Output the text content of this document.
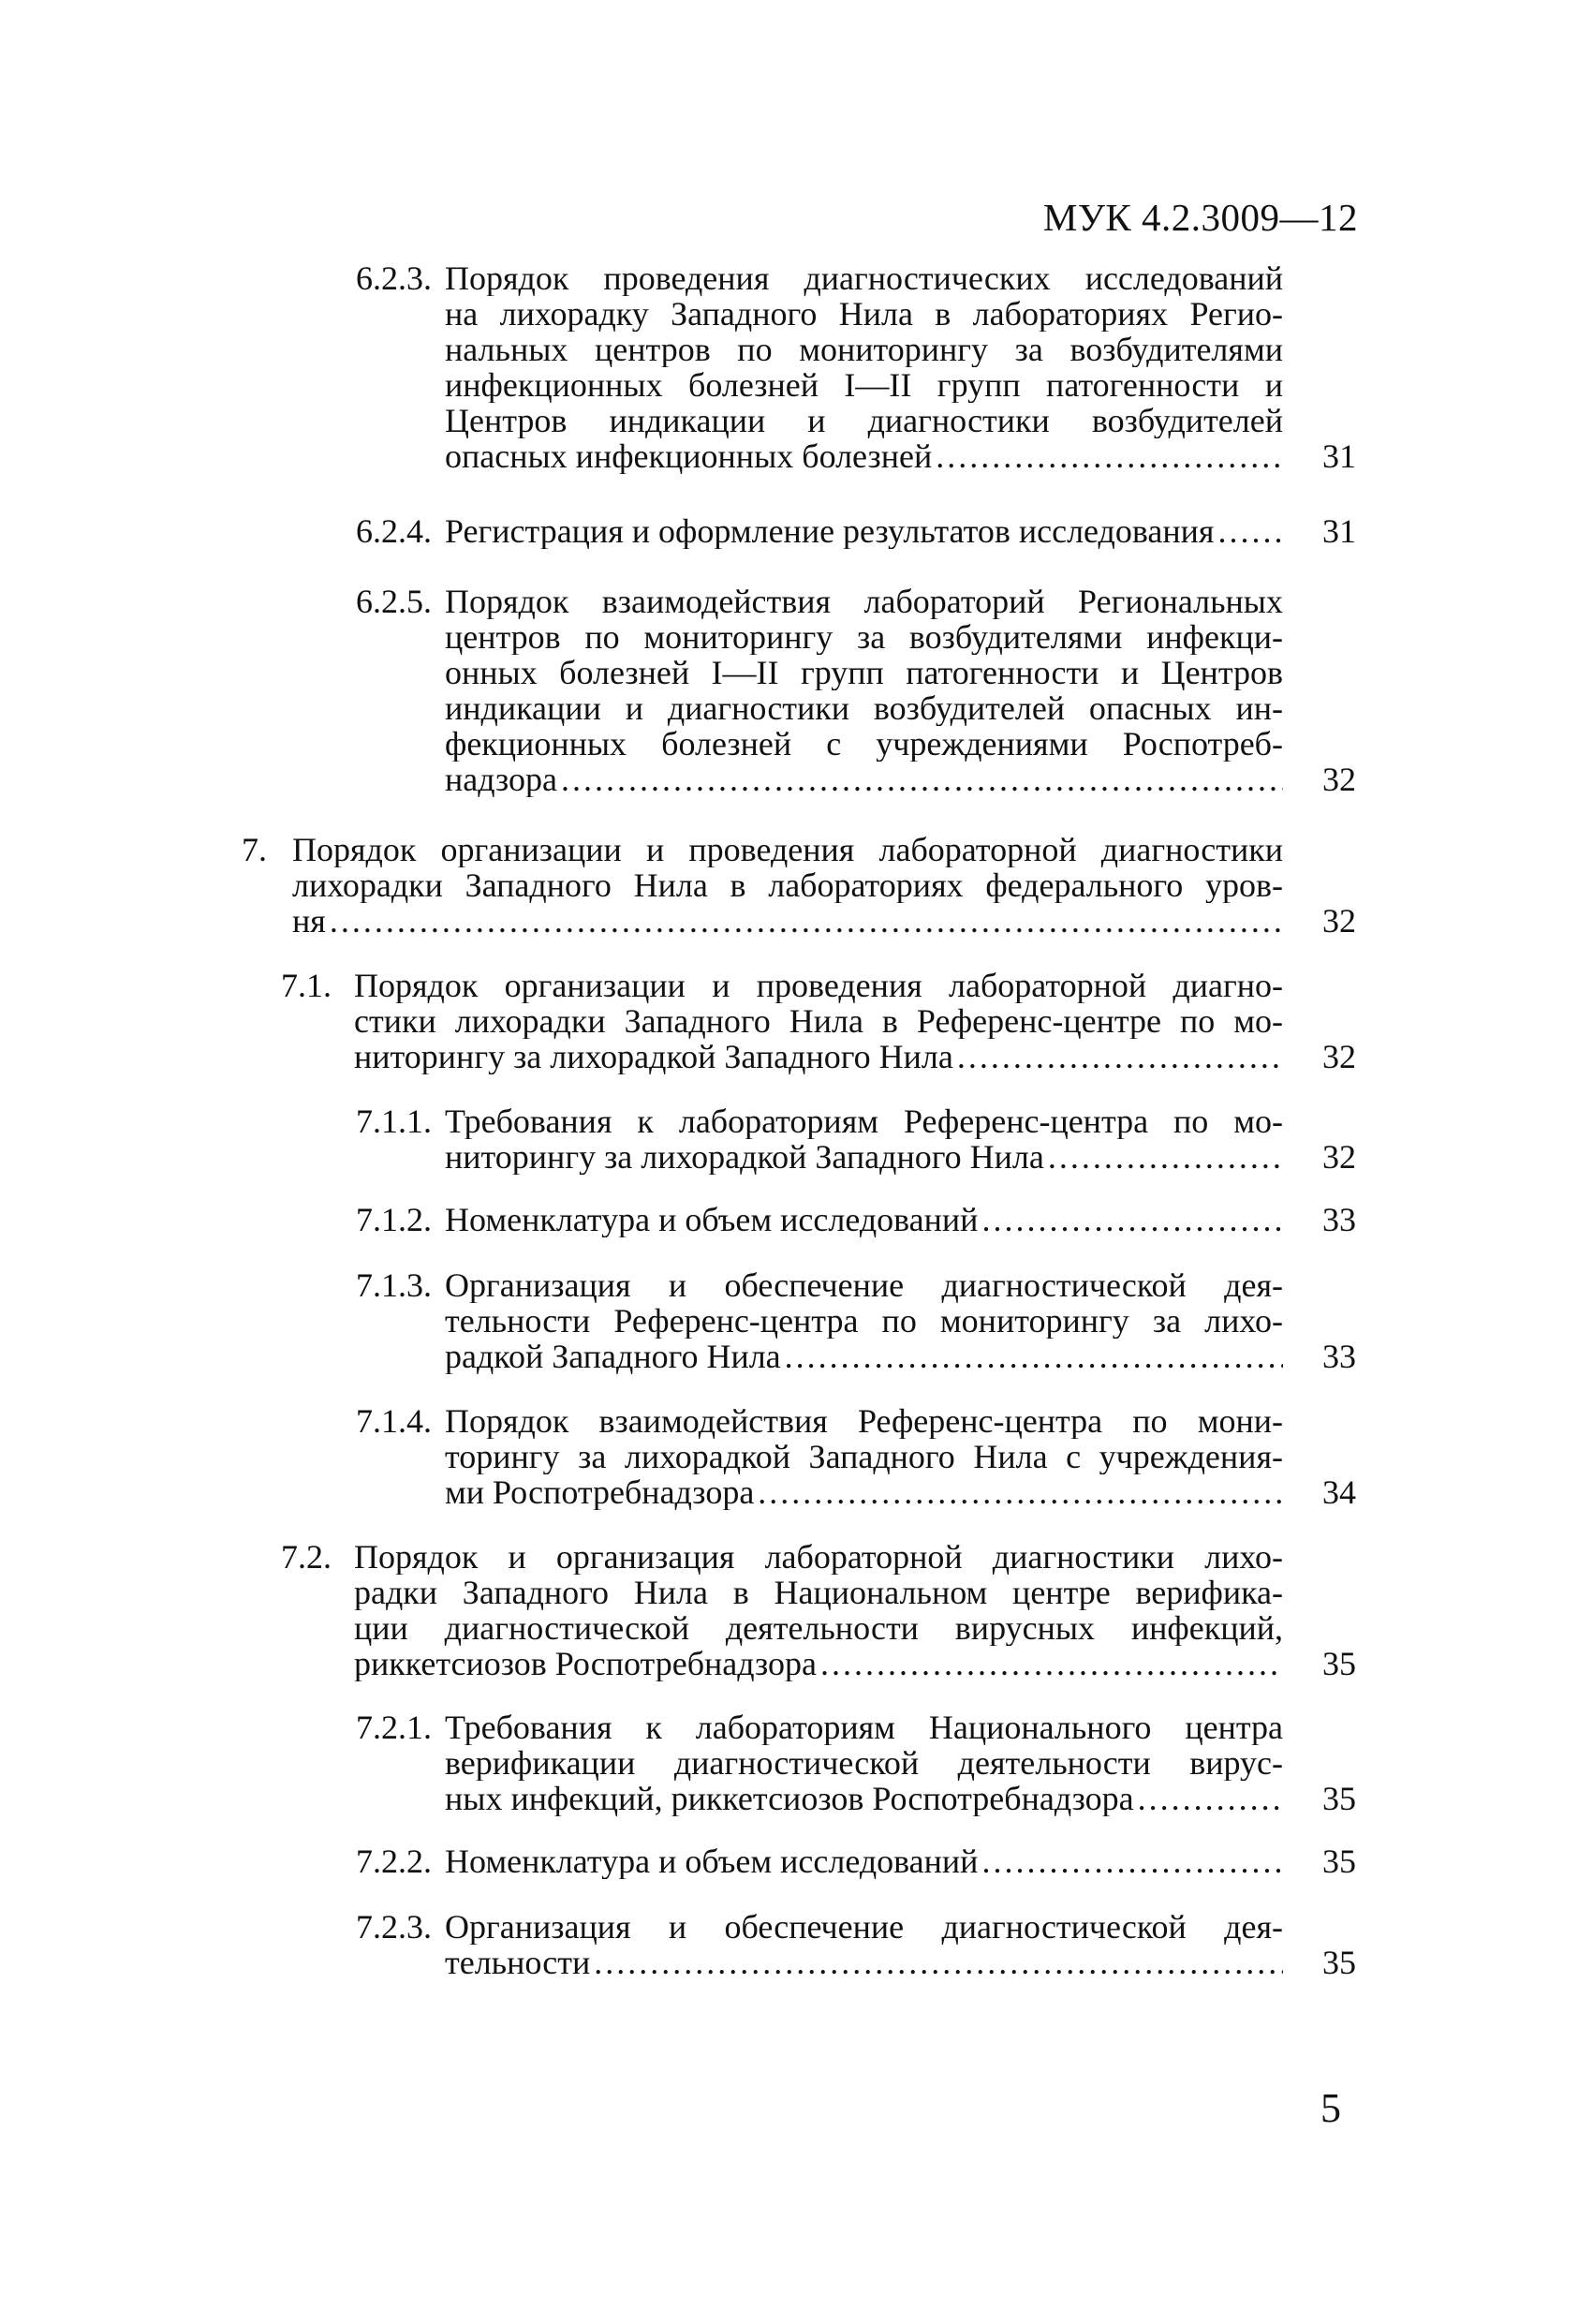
МУК 4.2.3009—12
6.2.3. Порядок проведения диагностических исследований
на лихорадку Западного Нила в лабораториях Регио-
нальных центров по мониторингу за возбудителями
инфекционных болезней I—II групп патогенности и
Центров индикации и диагностики возбудителей
опасных инфекционных болезней .....	31
6.2.4. Регистрация и оформление результатов исследования .....	31
6.2.5. Порядок взаимодействия лабораторий Региональных
центров по мониторингу за возбудителями инфекци-
онных болезней I—II групп патогенности и Центров
индикации и диагностики возбудителей опасных ин-
фекционных болезней с учреждениями Роспотреб-
надзора .....	32
7. Порядок организации и проведения лабораторной диагностики
лихорадки Западного Нила в лабораториях федерального уров-
ня .....	32
7.1. Порядок организации и проведения лабораторной диагно-
стики лихорадки Западного Нила в Референс-центре по мо-
ниторингу за лихорадкой Западного Нила .....	32
7.1.1. Требования к лабораториям Референс-центра по мо-
ниторингу за лихорадкой Западного Нила .....	32
7.1.2. Номенклатура и объем исследований .....	33
7.1.3. Организация и обеспечение диагностической дея-
тельности Референс-центра по мониторингу за лихо-
радкой Западного Нила .....	33
7.1.4. Порядок взаимодействия Референс-центра по мони-
торингу за лихорадкой Западного Нила с учреждения-
ми Роспотребнадзора .....	34
7.2. Порядок и организация лабораторной диагностики лихо-
радки Западного Нила в Национальном центре верифика-
ции диагностической деятельности вирусных инфекций,
риккетсиозов Роспотребнадзора .....	35
7.2.1. Требования к лабораториям Национального центра
верификации диагностической деятельности вирус-
ных инфекций, риккетсиозов Роспотребнадзора .....	35
7.2.2. Номенклатура и объем исследований .....	35
7.2.3. Организация и обеспечение диагностической дея-
тельности .....	35
5
